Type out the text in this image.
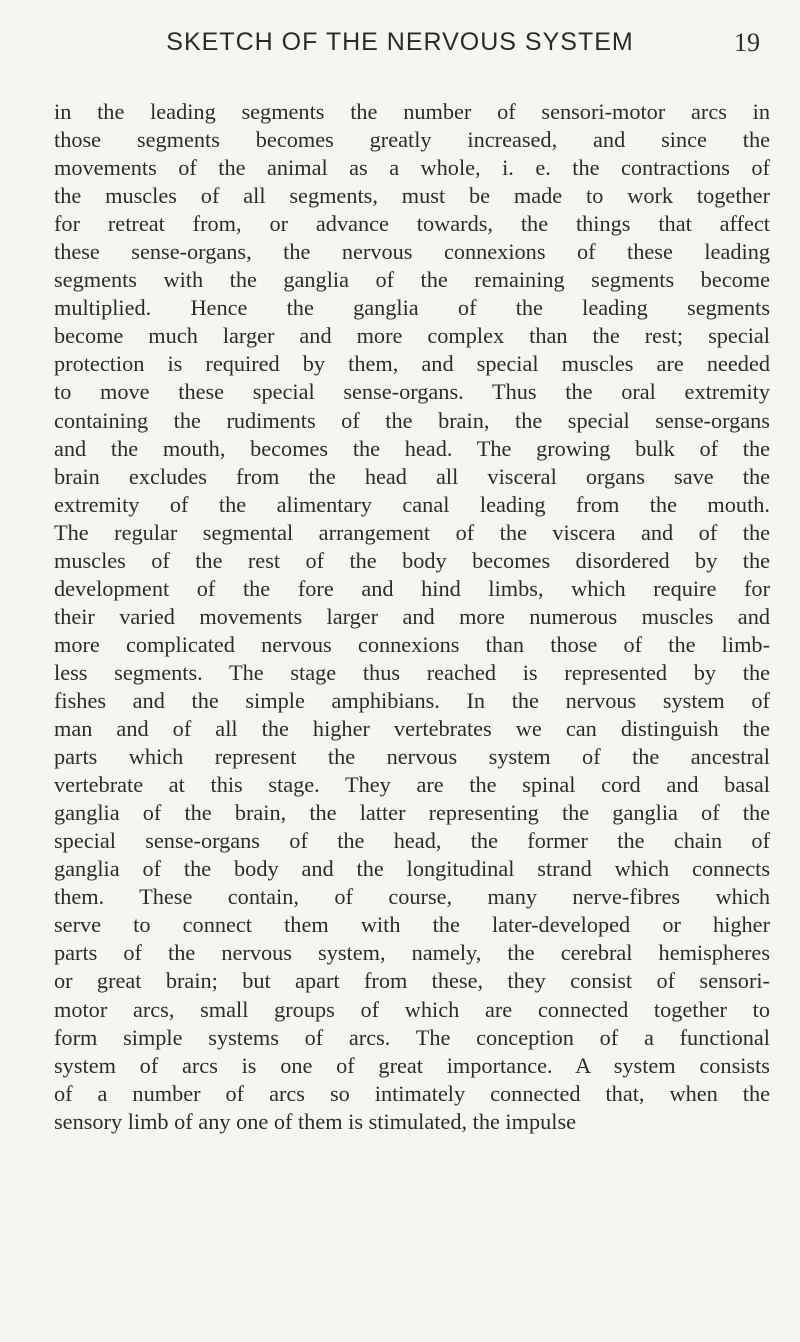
SKETCH OF THE NERVOUS SYSTEM	19
in the leading segments the number of sensori-motor arcs in
those segments becomes greatly increased, and since the
movements of the animal as a whole, i. e. the contractions of
the muscles of all segments, must be made to work together
for retreat from, or advance towards, the things that affect
these sense-organs, the nervous connexions of these leading
segments with the ganglia of the remaining segments become
multiplied. Hence the ganglia of the leading segments
become much larger and more complex than the rest; special
protection is required by them, and special muscles are needed
to move these special sense-organs. Thus the oral extremity
containing the rudiments of the brain, the special sense-organs
and the mouth, becomes the head. The growing bulk of the
brain excludes from the head all visceral organs save the
extremity of the alimentary canal leading from the mouth.
The regular segmental arrangement of the viscera and of the
muscles of the rest of the body becomes disordered by the
development of the fore and hind limbs, which require for
their varied movements larger and more numerous muscles and
more complicated nervous connexions than those of the limb-
less segments. The stage thus reached is represented by the
fishes and the simple amphibians. In the nervous system of
man and of all the higher vertebrates we can distinguish the
parts which represent the nervous system of the ancestral
vertebrate at this stage. They are the spinal cord and basal
ganglia of the brain, the latter representing the ganglia of the
special sense-organs of the head, the former the chain of
ganglia of the body and the longitudinal strand which connects
them. These contain, of course, many nerve-fibres which
serve to connect them with the later-developed or higher
parts of the nervous system, namely, the cerebral hemispheres
or great brain; but apart from these, they consist of sensori-
motor arcs, small groups of which are connected together to
form simple systems of arcs. The conception of a functional
system of arcs is one of great importance. A system consists
of a number of arcs so intimately connected that, when the
sensory limb of any one of them is stimulated, the impulse
